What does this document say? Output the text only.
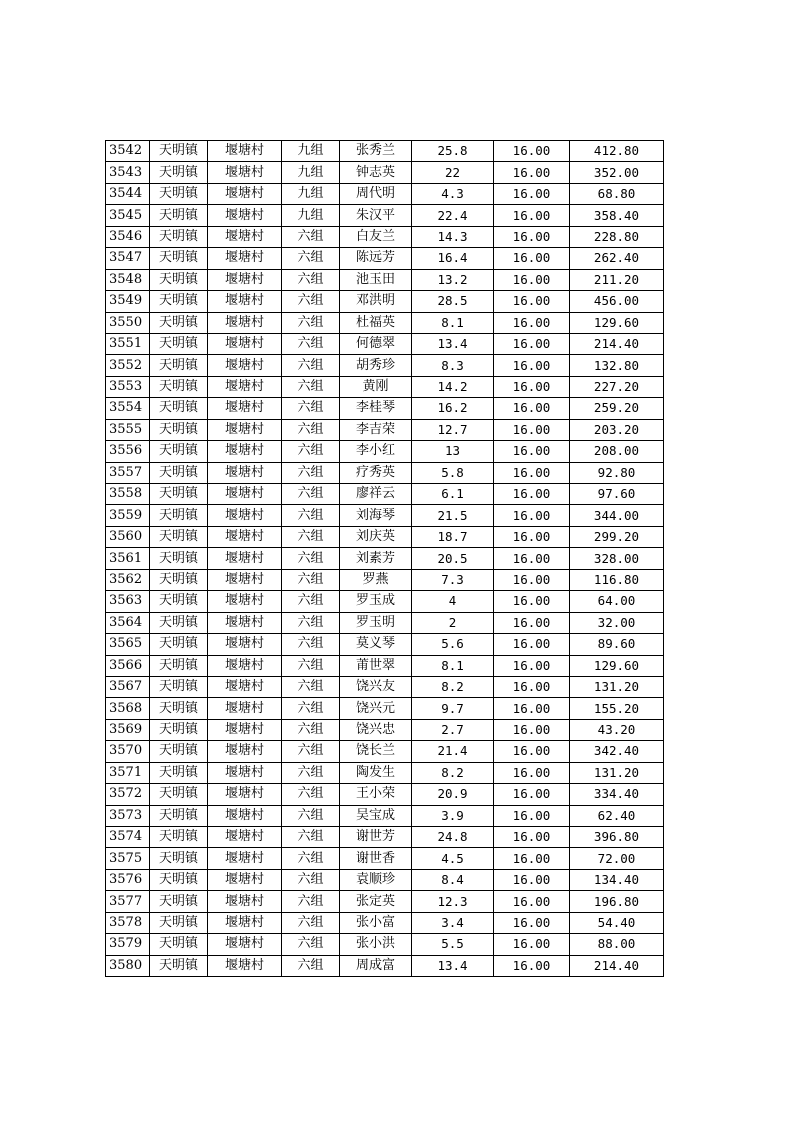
3542	天明镇	堰塘村	九组	张秀兰	25.8	16.00	412.80
3543	天明镇	堰塘村	九组	钟志英	22	16.00	352.00
3544	天明镇	堰塘村	九组	周代明	4.3	16.00	68.80
3545	天明镇	堰塘村	九组	朱汉平	22.4	16.00	358.40
3546	天明镇	堰塘村	六组	白友兰	14.3	16.00	228.80
3547	天明镇	堰塘村	六组	陈远芳	16.4	16.00	262.40
3548	天明镇	堰塘村	六组	池玉田	13.2	16.00	211.20
3549	天明镇	堰塘村	六组	邓洪明	28.5	16.00	456.00
3550	天明镇	堰塘村	六组	杜福英	8.1	16.00	129.60
3551	天明镇	堰塘村	六组	何德翠	13.4	16.00	214.40
3552	天明镇	堰塘村	六组	胡秀珍	8.3	16.00	132.80
3553	天明镇	堰塘村	六组	黄刚	14.2	16.00	227.20
3554	天明镇	堰塘村	六组	李桂琴	16.2	16.00	259.20
3555	天明镇	堰塘村	六组	李吉荣	12.7	16.00	203.20
3556	天明镇	堰塘村	六组	李小红	13	16.00	208.00
3557	天明镇	堰塘村	六组	疗秀英	5.8	16.00	92.80
3558	天明镇	堰塘村	六组	廖祥云	6.1	16.00	97.60
3559	天明镇	堰塘村	六组	刘海琴	21.5	16.00	344.00
3560	天明镇	堰塘村	六组	刘庆英	18.7	16.00	299.20
3561	天明镇	堰塘村	六组	刘素芳	20.5	16.00	328.00
3562	天明镇	堰塘村	六组	罗燕	7.3	16.00	116.80
3563	天明镇	堰塘村	六组	罗玉成	4	16.00	64.00
3564	天明镇	堰塘村	六组	罗玉明	2	16.00	32.00
3565	天明镇	堰塘村	六组	莫义琴	5.6	16.00	89.60
3566	天明镇	堰塘村	六组	莆世翠	8.1	16.00	129.60
3567	天明镇	堰塘村	六组	饶兴友	8.2	16.00	131.20
3568	天明镇	堰塘村	六组	饶兴元	9.7	16.00	155.20
3569	天明镇	堰塘村	六组	饶兴忠	2.7	16.00	43.20
3570	天明镇	堰塘村	六组	饶长兰	21.4	16.00	342.40
3571	天明镇	堰塘村	六组	陶发生	8.2	16.00	131.20
3572	天明镇	堰塘村	六组	王小荣	20.9	16.00	334.40
3573	天明镇	堰塘村	六组	吴宝成	3.9	16.00	62.40
3574	天明镇	堰塘村	六组	谢世芳	24.8	16.00	396.80
3575	天明镇	堰塘村	六组	谢世香	4.5	16.00	72.00
3576	天明镇	堰塘村	六组	袁顺珍	8.4	16.00	134.40
3577	天明镇	堰塘村	六组	张定英	12.3	16.00	196.80
3578	天明镇	堰塘村	六组	张小富	3.4	16.00	54.40
3579	天明镇	堰塘村	六组	张小洪	5.5	16.00	88.00
3580	天明镇	堰塘村	六组	周成富	13.4	16.00	214.40
